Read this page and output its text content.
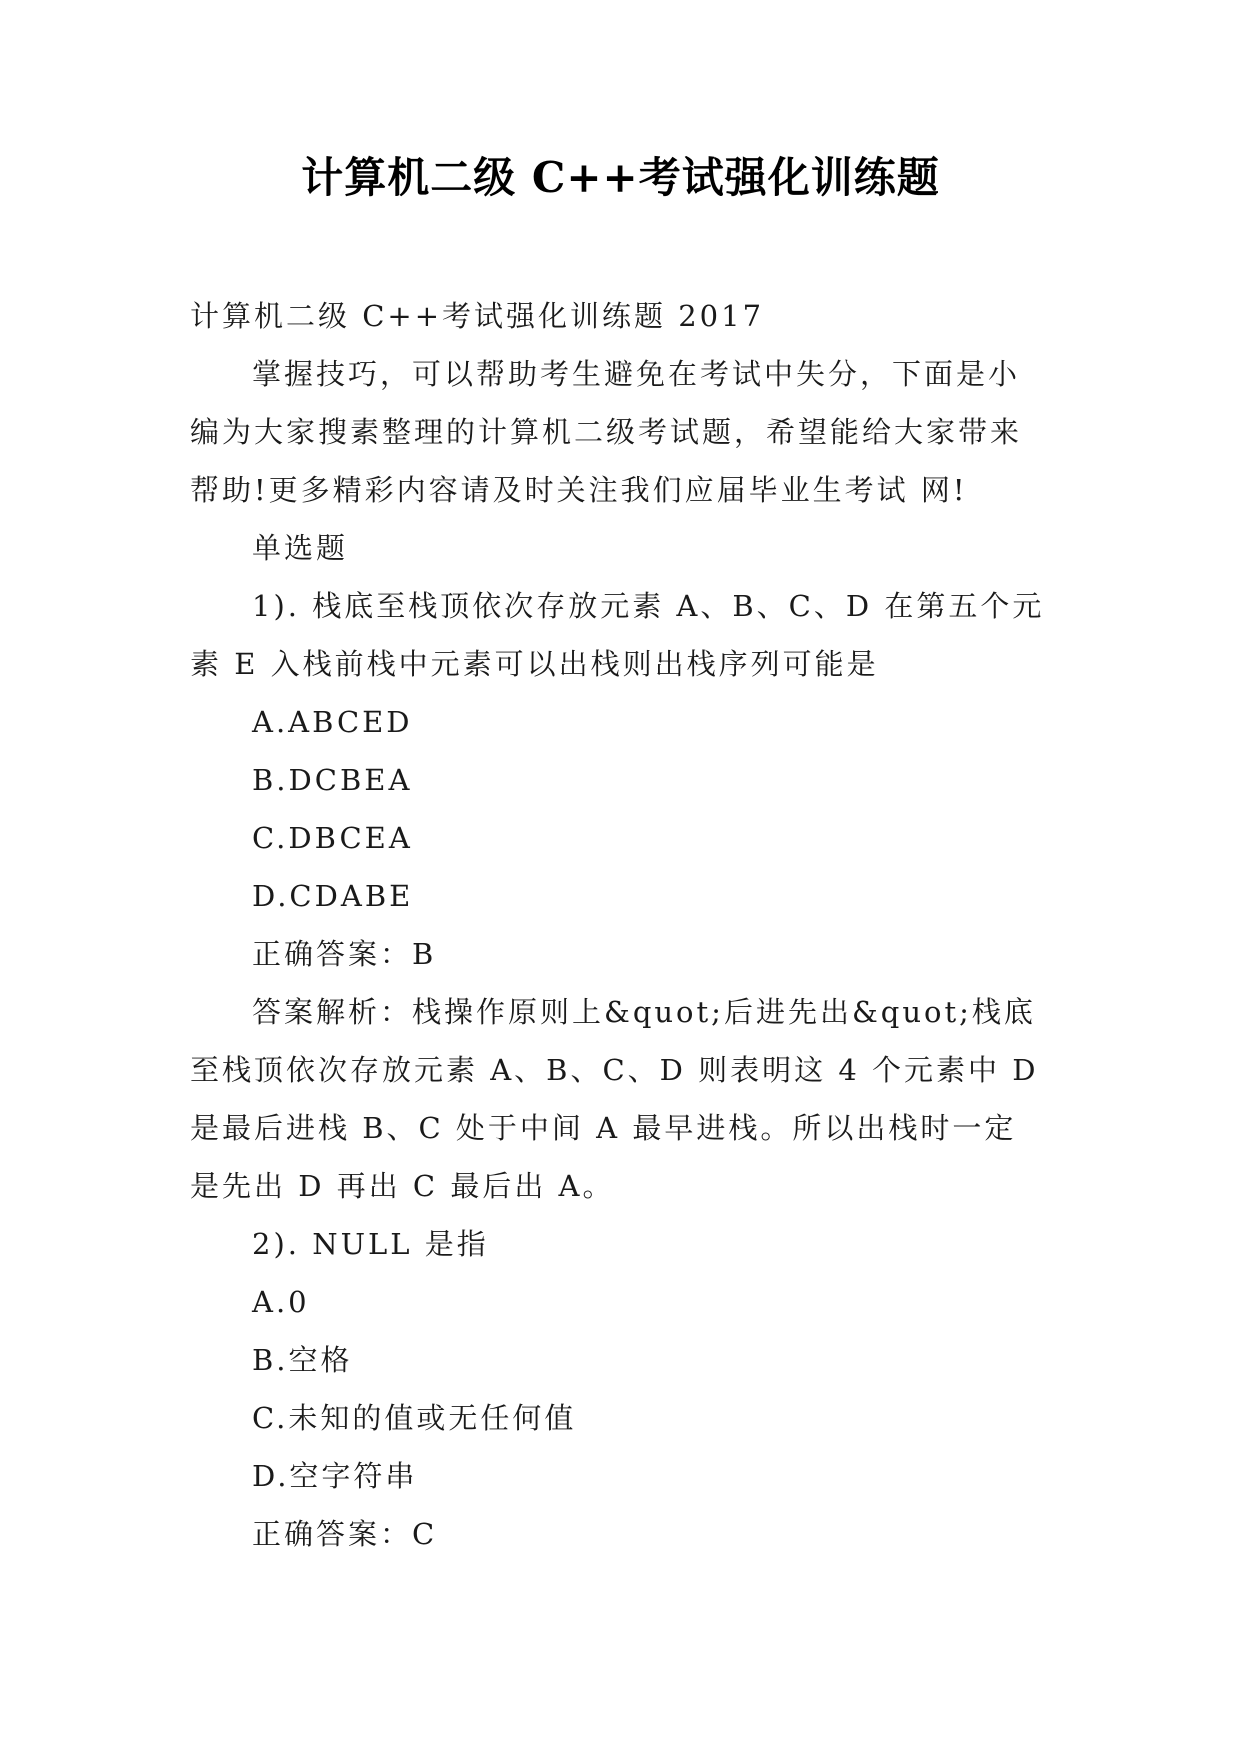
计算机二级 C++考试强化训练题

计算机二级 C++考试强化训练题 2017

掌握技巧，可以帮助考生避免在考试中失分，下面是小编为大家搜素整理的计算机二级考试题，希望能给大家带来帮助!更多精彩内容请及时关注我们应届毕业生考试 网!

单选题

1). 栈底至栈顶依次存放元素 A、B、C、D 在第五个元素 E 入栈前栈中元素可以出栈则出栈序列可能是

A.ABCED

B.DCBEA

C.DBCEA

D.CDABE

正确答案：B

答案解析：栈操作原则上&quot;后进先出&quot;栈底至栈顶依次存放元素 A、B、C、D 则表明这 4 个元素中 D 是最后进栈 B、C 处于中间 A 最早进栈。所以出栈时一定是先出 D 再出 C 最后出 A。

2). NULL 是指

A.0

B.空格

C.未知的值或无任何值

D.空字符串

正确答案：C
